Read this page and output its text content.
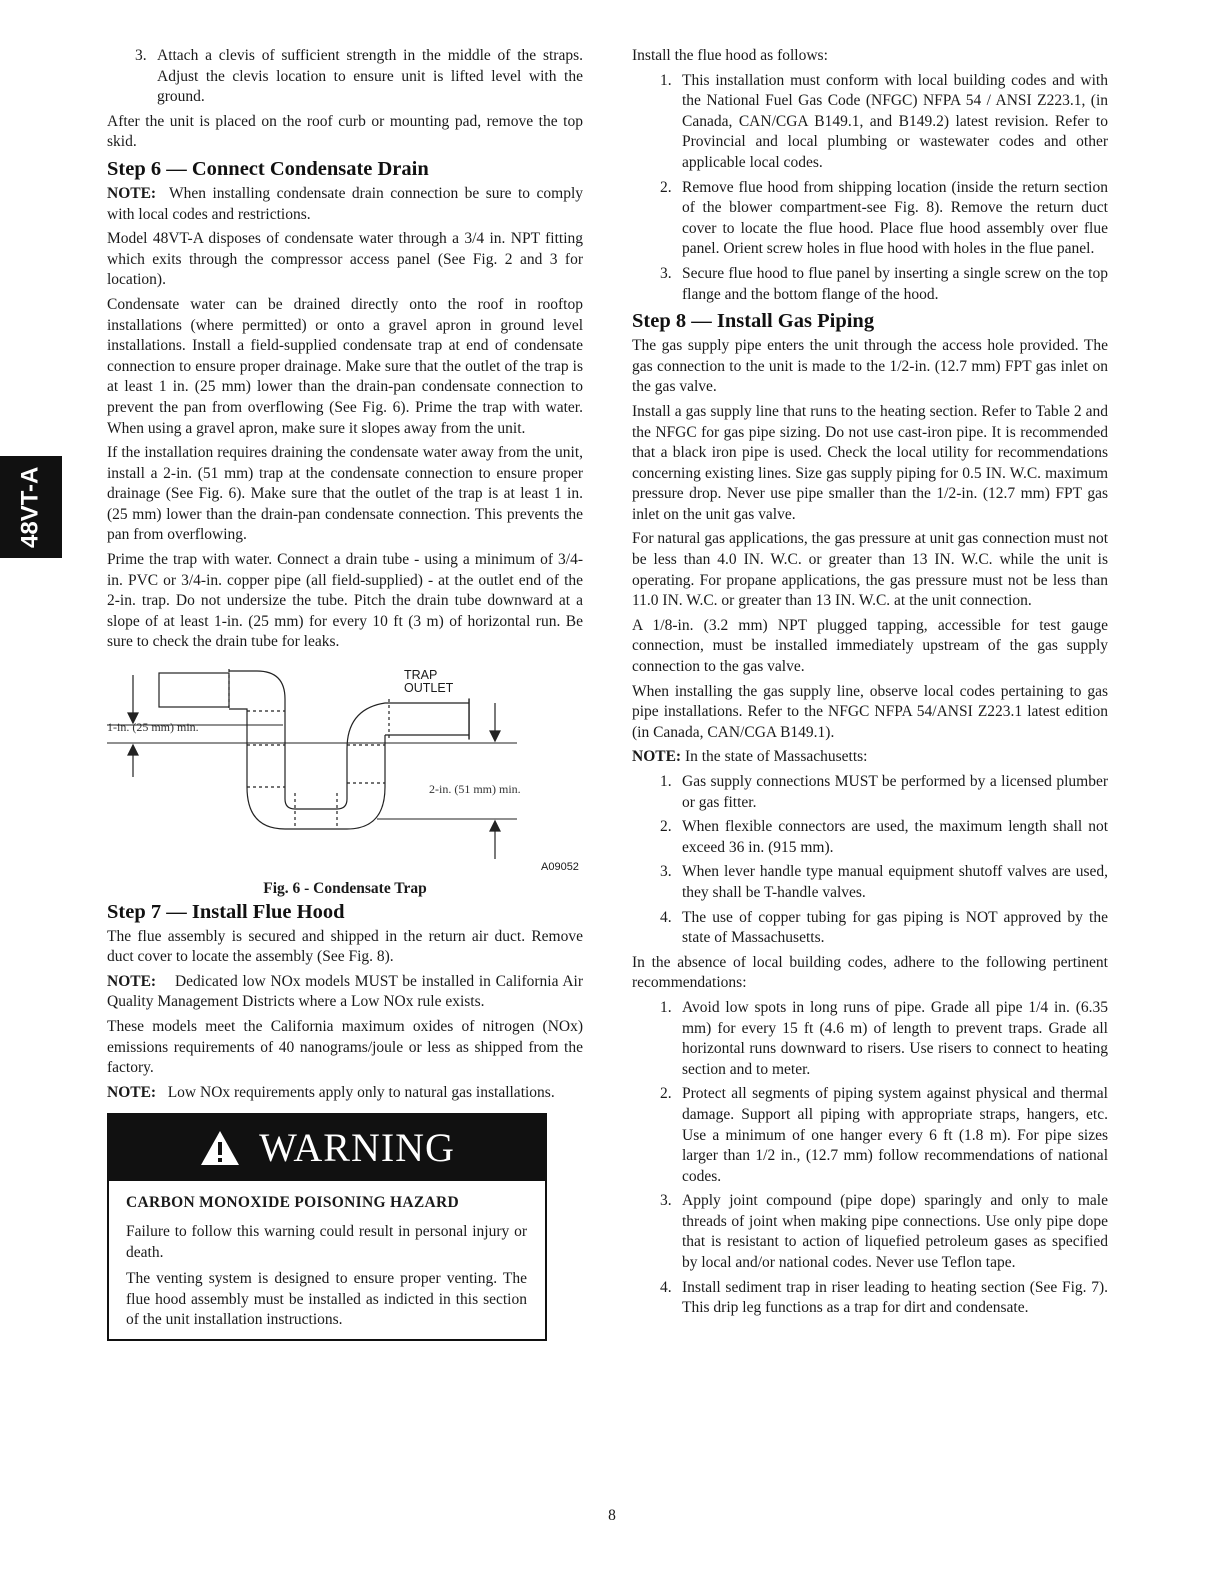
48VT-A
3. Attach a clevis of sufficient strength in the middle of the straps. Adjust the clevis location to ensure unit is lifted level with the ground.

After the unit is placed on the roof curb or mounting pad, remove the top skid.

Step 6 — Connect Condensate Drain

NOTE: When installing condensate drain connection be sure to comply with local codes and restrictions.

Model 48VT-A disposes of condensate water through a 3/4 in. NPT fitting which exits through the compressor access panel (See Fig. 2 and 3 for location).

Condensate water can be drained directly onto the roof in rooftop installations (where permitted) or onto a gravel apron in ground level installations. Install a field-supplied condensate trap at end of condensate connection to ensure proper drainage. Make sure that the outlet of the trap is at least 1 in. (25 mm) lower than the drain-pan condensate connection to prevent the pan from overflowing (See Fig. 6). Prime the trap with water. When using a gravel apron, make sure it slopes away from the unit.

If the installation requires draining the condensate water away from the unit, install a 2-in. (51 mm) trap at the condensate connection to ensure proper drainage (See Fig. 6). Make sure that the outlet of the trap is at least 1 in. (25 mm) lower than the drain-pan condensate connection. This prevents the pan from overflowing.

Prime the trap with water. Connect a drain tube - using a minimum of 3/4-in. PVC or 3/4-in. copper pipe (all field-supplied) - at the outlet end of the 2-in. trap. Do not undersize the tube. Pitch the drain tube downward at a slope of at least 1-in. (25 mm) for every 10 ft (3 m) of horizontal run. Be sure to check the drain tube for leaks.

TRAP
OUTLET
1-in. (25 mm) min.
2-in. (51 mm) min.
A09052

Fig. 6 - Condensate Trap

Step 7 — Install Flue Hood

The flue assembly is secured and shipped in the return air duct. Remove duct cover to locate the assembly (See Fig. 8).

NOTE: Dedicated low NOx models MUST be installed in California Air Quality Management Districts where a Low NOx rule exists.

These models meet the California maximum oxides of nitrogen (NOx) emissions requirements of 40 nanograms/joule or less as shipped from the factory.

NOTE: Low NOx requirements apply only to natural gas installations.

WARNING
CARBON MONOXIDE POISONING HAZARD

Failure to follow this warning could result in personal injury or death.

The venting system is designed to ensure proper venting. The flue hood assembly must be installed as indicted in this section of the unit installation instructions.

Install the flue hood as follows:

1. This installation must conform with local building codes and with the National Fuel Gas Code (NFGC) NFPA 54 / ANSI Z223.1, (in Canada, CAN/CGA B149.1, and B149.2) latest revision. Refer to Provincial and local plumbing or wastewater codes and other applicable local codes.
2. Remove flue hood from shipping location (inside the return section of the blower compartment-see Fig. 8). Remove the return duct cover to locate the flue hood. Place flue hood assembly over flue panel. Orient screw holes in flue hood with holes in the flue panel.
3. Secure flue hood to flue panel by inserting a single screw on the top flange and the bottom flange of the hood.
Step 8 — Install Gas Piping

The gas supply pipe enters the unit through the access hole provided. The gas connection to the unit is made to the 1/2-in. (12.7 mm) FPT gas inlet on the gas valve.

Install a gas supply line that runs to the heating section. Refer to Table 2 and the NFGC for gas pipe sizing. Do not use cast-iron pipe. It is recommended that a black iron pipe is used. Check the local utility for recommendations concerning existing lines. Size gas supply piping for 0.5 IN. W.C. maximum pressure drop. Never use pipe smaller than the 1/2-in. (12.7 mm) FPT gas inlet on the unit gas valve.

For natural gas applications, the gas pressure at unit gas connection must not be less than 4.0 IN. W.C. or greater than 13 IN. W.C. while the unit is operating. For propane applications, the gas pressure must not be less than 11.0 IN. W.C. or greater than 13 IN. W.C. at the unit connection.

A 1/8-in. (3.2 mm) NPT plugged tapping, accessible for test gauge connection, must be installed immediately upstream of the gas supply connection to the gas valve.

When installing the gas supply line, observe local codes pertaining to gas pipe installations. Refer to the NFGC NFPA 54/ANSI Z223.1 latest edition (in Canada, CAN/CGA B149.1).

NOTE: In the state of Massachusetts:

1. Gas supply connections MUST be performed by a licensed plumber or gas fitter.
2. When flexible connectors are used, the maximum length shall not exceed 36 in. (915 mm).
3. When lever handle type manual equipment shutoff valves are used, they shall be T-handle valves.
4. The use of copper tubing for gas piping is NOT approved by the state of Massachusetts.

In the absence of local building codes, adhere to the following pertinent recommendations:

1. Avoid low spots in long runs of pipe. Grade all pipe 1/4 in. (6.35 mm) for every 15 ft (4.6 m) of length to prevent traps. Grade all horizontal runs downward to risers. Use risers to connect to heating section and to meter.
2. Protect all segments of piping system against physical and thermal damage. Support all piping with appropriate straps, hangers, etc. Use a minimum of one hanger every 6 ft (1.8 m). For pipe sizes larger than 1/2 in., (12.7 mm) follow recommendations of national codes.
3. Apply joint compound (pipe dope) sparingly and only to male threads of joint when making pipe connections. Use only pipe dope that is resistant to action of liquefied petroleum gases as specified by local and/or national codes. Never use Teflon tape.
4. Install sediment trap in riser leading to heating section (See Fig. 7). This drip leg functions as a trap for dirt and condensate.
8
